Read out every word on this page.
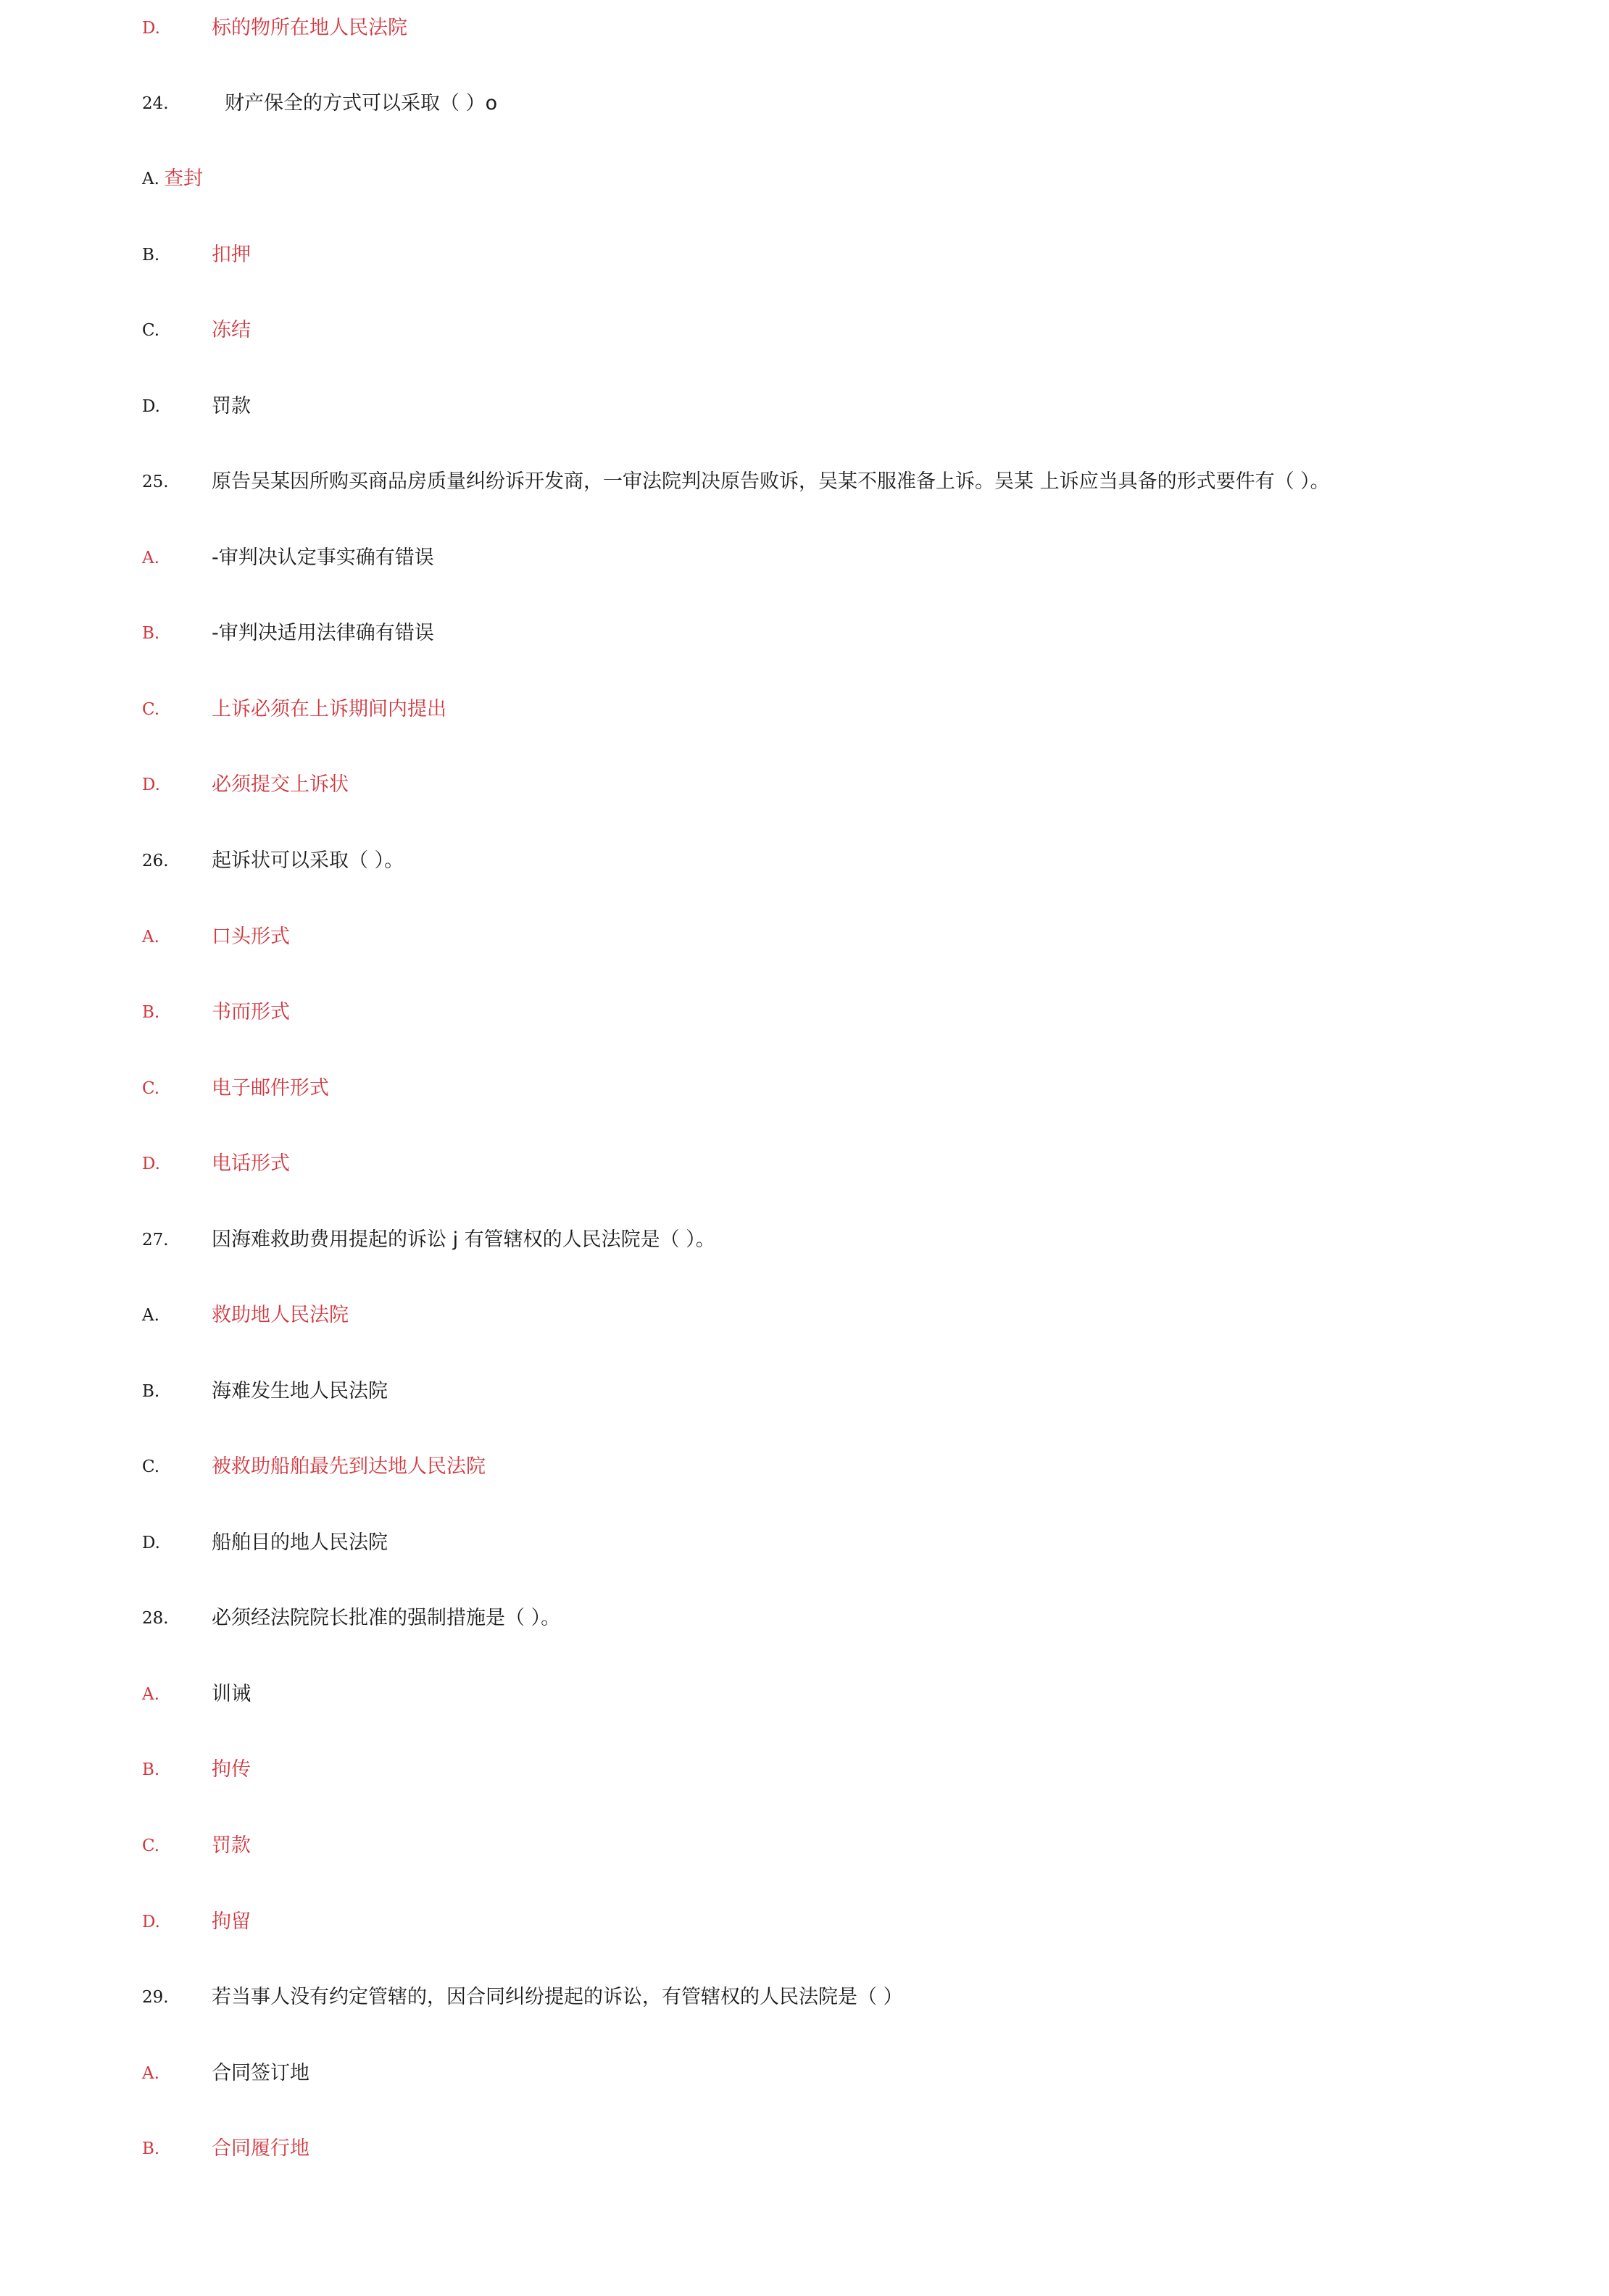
D.	标的物所在地人民法院
24.	财产保全的方式可以采取（ ）o
A. 查封
B.	扣押
C.	冻结
D.	罚款
25. 原告吴某因所购买商品房质量纠纷诉开发商，一审法院判决原告败诉，吴某不服准备上诉。吴某 上诉应当具备的形式要件有（ ）。
A.	-审判决认定事实确有错误
B.	-审判决适用法律确有错误
C.	上诉必须在上诉期间内提出
D.	必须提交上诉状
26. 起诉状可以采取（ ）。
A.	口头形式
B.	书而形式
C.	电子邮件形式
D.	电话形式
27. 因海难救助费用提起的诉讼 j 有管辖权的人民法院是（ ）。
A.	救助地人民法院
B.	海难发生地人民法院
C.	被救助船舶最先到达地人民法院
D.	船舶目的地人民法院
28. 必须经法院院长批准的强制措施是（ ）。
A.	训诫
B.	拘传
C.	罚款
D.	拘留
29. 若当事人没有约定管辖的，因合同纠纷提起的诉讼，有管辖权的人民法院是（ ）
A.	合同签订地
B.	合同履行地
